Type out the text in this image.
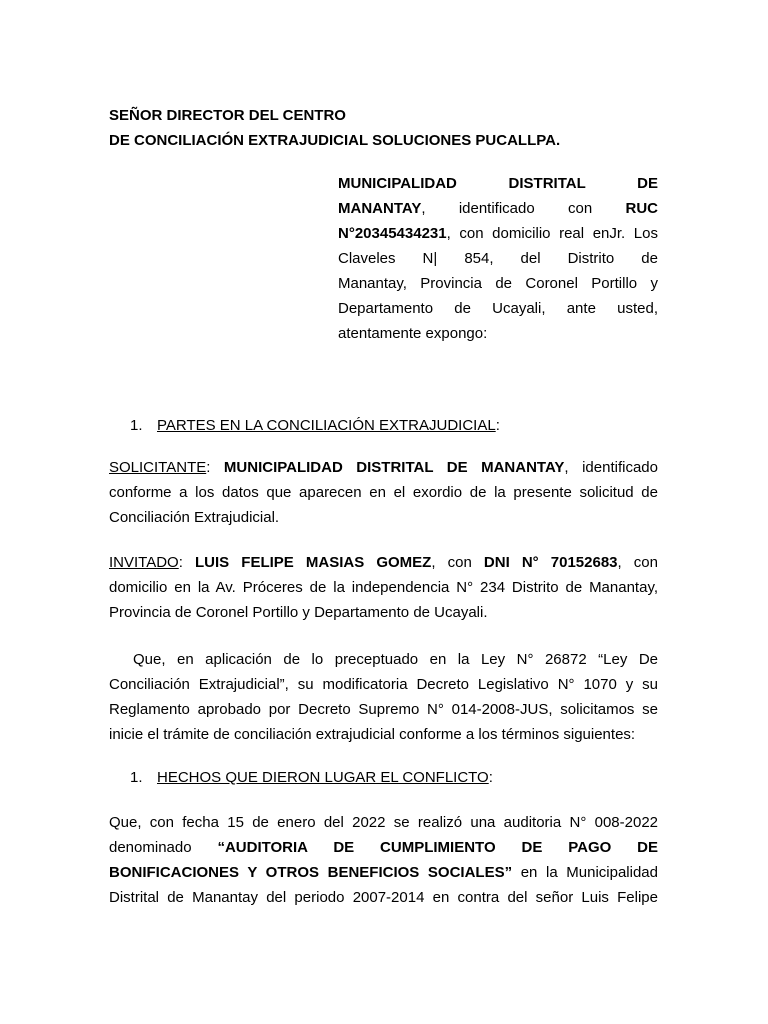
SEÑOR DIRECTOR DEL CENTRO
DE CONCILIACIÓN EXTRAJUDICIAL SOLUCIONES PUCALLPA.
MUNICIPALIDAD DISTRITAL DE
MANANTAY, identificado con RUC
N°20345434231, con domicilio real enJr. Los
Claveles N| 854, del Distrito de
Manantay, Provincia de Coronel Portillo y
Departamento de Ucayali, ante usted,
atentamente expongo:
1. PARTES EN LA CONCILIACIÓN EXTRAJUDICIAL:
SOLICITANTE: MUNICIPALIDAD DISTRITAL DE MANANTAY, identificado
conforme a los datos que aparecen en el exordio de la presente solicitud de
Conciliación Extrajudicial.
INVITADO: LUIS FELIPE MASIAS GOMEZ, con DNI N° 70152683, con
domicilio en la Av. Próceres de la independencia N° 234 Distrito de Manantay,
Provincia de Coronel Portillo y Departamento de Ucayali.
Que, en aplicación de lo preceptuado en la Ley N° 26872 “Ley De
Conciliación Extrajudicial”, su modificatoria Decreto Legislativo N° 1070 y su
Reglamento aprobado por Decreto Supremo N° 014-2008-JUS, solicitamos se
inicie el trámite de conciliación extrajudicial conforme a los términos siguientes:
1. HECHOS QUE DIERON LUGAR EL CONFLICTO:
Que, con fecha 15 de enero del 2022 se realizó una auditoria N° 008-2022
denominado “AUDITORIA DE CUMPLIMIENTO DE PAGO DE
BONIFICACIONES Y OTROS BENEFICIOS SOCIALES” en la Municipalidad
Distrital de Manantay del periodo 2007-2014 en contra del señor Luis Felipe
